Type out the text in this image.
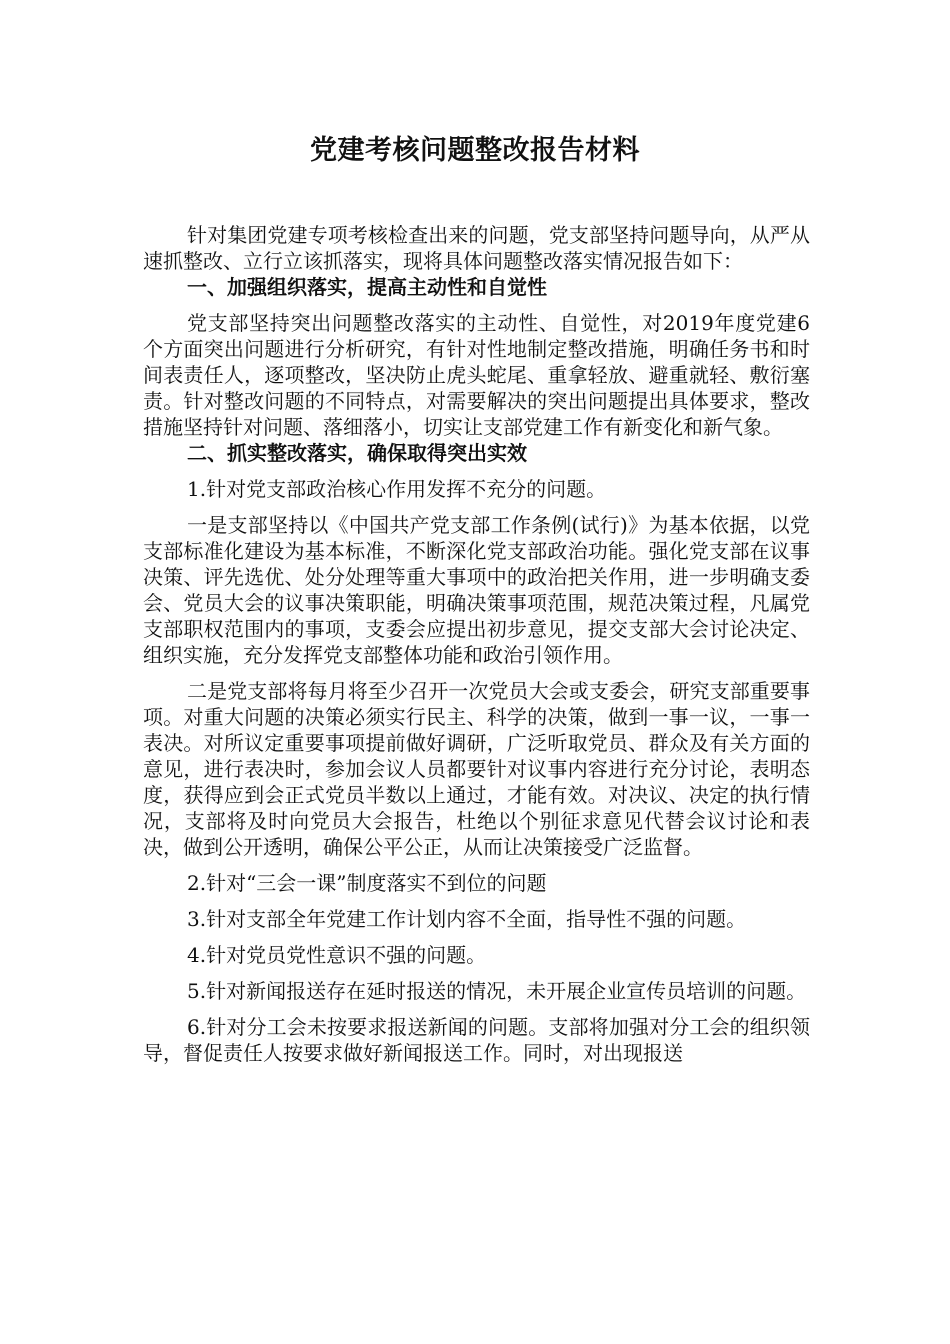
党建考核问题整改报告材料

针对集团党建专项考核检查出来的问题，党支部坚持问题导向，从严从速抓整改、立行立该抓落实，现将具体问题整改落实情况报告如下：

一、加强组织落实，提高主动性和自觉性

党支部坚持突出问题整改落实的主动性、自觉性，对2019年度党建6个方面突出问题进行分析研究，有针对性地制定整改措施，明确任务书和时间表责任人，逐项整改，坚决防止虎头蛇尾、重拿轻放、避重就轻、敷衍塞责。针对整改问题的不同特点，对需要解决的突出问题提出具体要求，整改措施坚持针对问题、落细落小，切实让支部党建工作有新变化和新气象。

二、抓实整改落实，确保取得突出实效

1.针对党支部政治核心作用发挥不充分的问题。

一是支部坚持以《中国共产党支部工作条例(试行)》为基本依据，以党支部标准化建设为基本标准，不断深化党支部政治功能。强化党支部在议事决策、评先选优、处分处理等重大事项中的政治把关作用，进一步明确支委会、党员大会的议事决策职能，明确决策事项范围，规范决策过程，凡属党支部职权范围内的事项，支委会应提出初步意见，提交支部大会讨论决定、组织实施，充分发挥党支部整体功能和政治引领作用。

二是党支部将每月将至少召开一次党员大会或支委会，研究支部重要事项。对重大问题的决策必须实行民主、科学的决策，做到一事一议，一事一表决。对所议定重要事项提前做好调研，广泛听取党员、群众及有关方面的意见，进行表决时，参加会议人员都要针对议事内容进行充分讨论，表明态度，获得应到会正式党员半数以上通过，才能有效。对决议、决定的执行情况，支部将及时向党员大会报告，杜绝以个别征求意见代替会议讨论和表决，做到公开透明，确保公平公正，从而让决策接受广泛监督。

2.针对“三会一课”制度落实不到位的问题

3.针对支部全年党建工作计划内容不全面，指导性不强的问题。

4.针对党员党性意识不强的问题。

5.针对新闻报送存在延时报送的情况，未开展企业宣传员培训的问题。

6.针对分工会未按要求报送新闻的问题。支部将加强对分工会的组织领导，督促责任人按要求做好新闻报送工作。同时，对出现报送
